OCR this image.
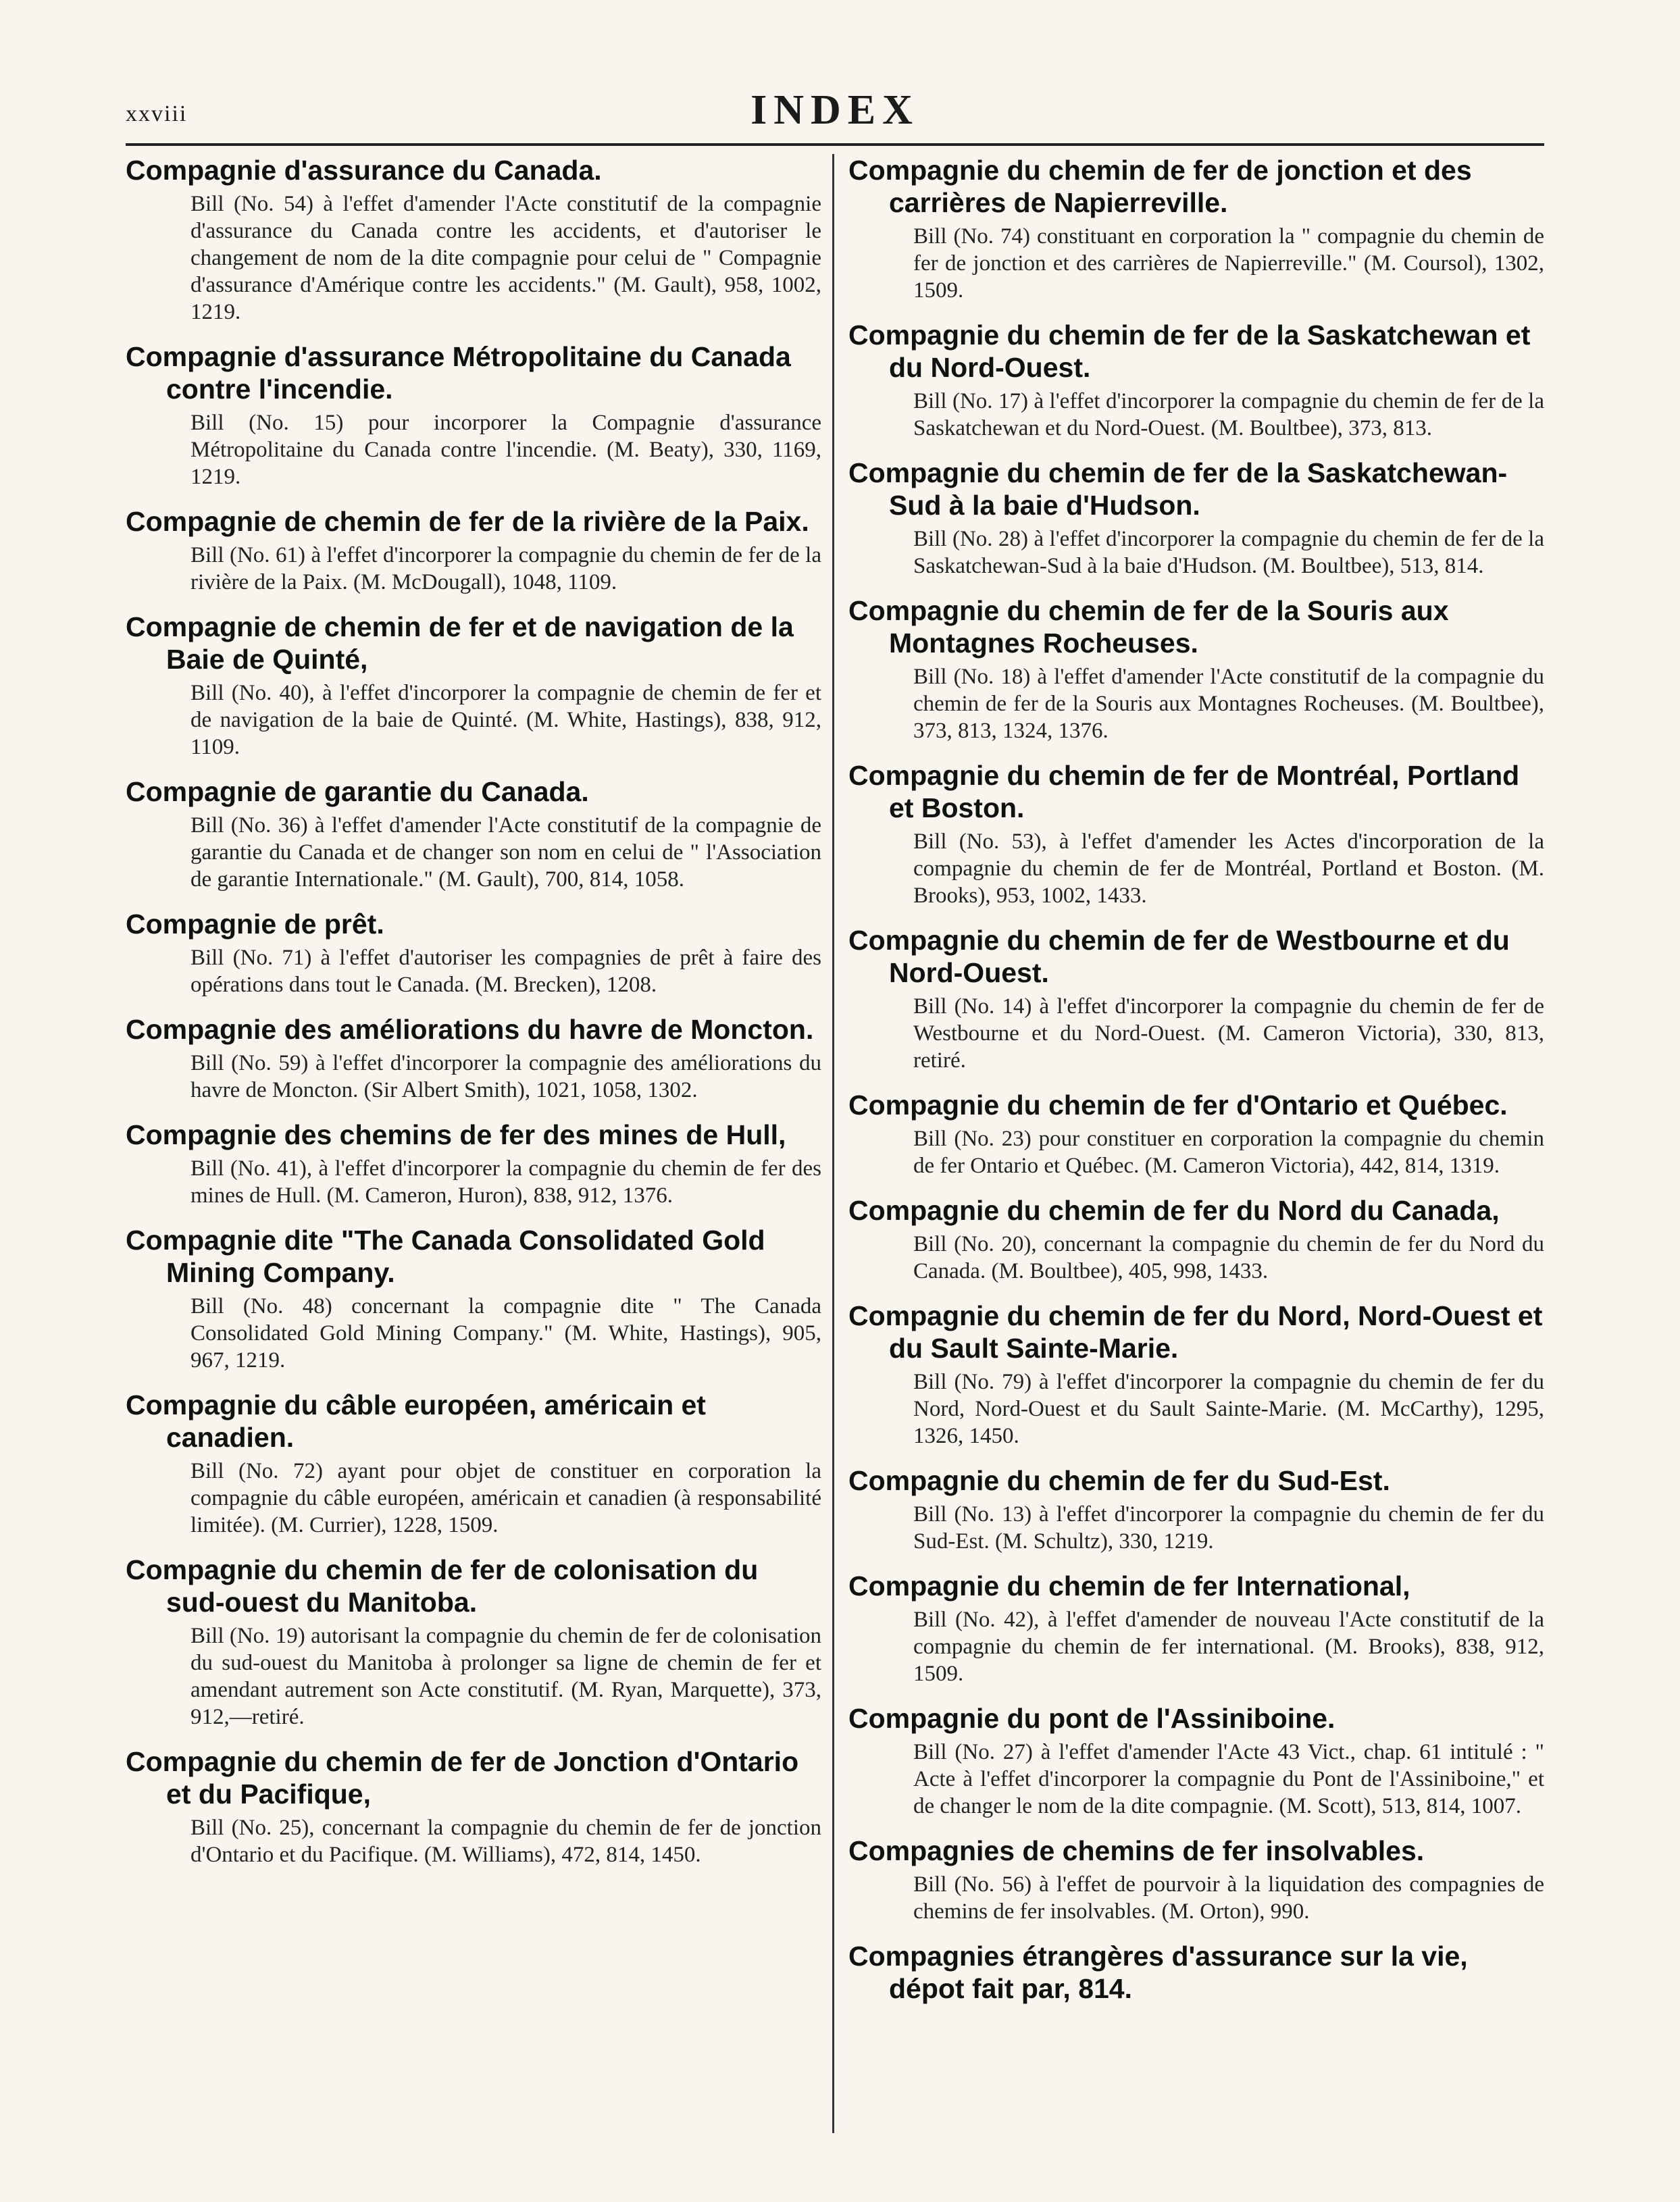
xxviii	INDEX
Compagnie d'assurance du Canada.
Bill (No. 54) à l'effet d'amender l'Acte constitutif de la compagnie d'assurance du Canada contre les accidents, et d'autoriser le changement de nom de la dite compagnie pour celui de " Compagnie d'assurance d'Amérique contre les accidents." (M. Gault), 958, 1002, 1219.
Compagnie d'assurance Métropolitaine du Canada contre l'incendie.
Bill (No. 15) pour incorporer la Compagnie d'assurance Métropolitaine du Canada contre l'incendie. (M. Beaty), 330, 1169, 1219.
Compagnie de chemin de fer de la rivière de la Paix.
Bill (No. 61) à l'effet d'incorporer la compagnie du chemin de fer de la rivière de la Paix. (M. McDougall), 1048, 1109.
Compagnie de chemin de fer et de navigation de la Baie de Quinté,
Bill (No. 40), à l'effet d'incorporer la compagnie de chemin de fer et de navigation de la baie de Quinté. (M. White, Hastings), 838, 912, 1109.
Compagnie de garantie du Canada.
Bill (No. 36) à l'effet d'amender l'Acte constitutif de la compagnie de garantie du Canada et de changer son nom en celui de " l'Association de garantie Internationale." (M. Gault), 700, 814, 1058.
Compagnie de prêt.
Bill (No. 71) à l'effet d'autoriser les compagnies de prêt à faire des opérations dans tout le Canada. (M. Brecken), 1208.
Compagnie des améliorations du havre de Moncton.
Bill (No. 59) à l'effet d'incorporer la compagnie des améliorations du havre de Moncton. (Sir Albert Smith), 1021, 1058, 1302.
Compagnie des chemins de fer des mines de Hull,
Bill (No. 41), à l'effet d'incorporer la compagnie du chemin de fer des mines de Hull. (M. Cameron, Huron), 838, 912, 1376.
Compagnie dite "The Canada Consolidated Gold Mining Company.
Bill (No. 48) concernant la compagnie dite " The Canada Consolidated Gold Mining Company." (M. White, Hastings), 905, 967, 1219.
Compagnie du câble européen, américain et canadien.
Bill (No. 72) ayant pour objet de constituer en corporation la compagnie du câble européen, américain et canadien (à responsabilité limitée). (M. Currier), 1228, 1509.
Compagnie du chemin de fer de colonisation du sud-ouest du Manitoba.
Bill (No. 19) autorisant la compagnie du chemin de fer de colonisation du sud-ouest du Manitoba à prolonger sa ligne de chemin de fer et amendant autrement son Acte constitutif. (M. Ryan, Marquette), 373, 912,—retiré.
Compagnie du chemin de fer de Jonction d'Ontario et du Pacifique,
Bill (No. 25), concernant la compagnie du chemin de fer de jonction d'Ontario et du Pacifique. (M. Williams), 472, 814, 1450.
Compagnie du chemin de fer de jonction et des carrières de Napierreville.
Bill (No. 74) constituant en corporation la " compagnie du chemin de fer de jonction et des carrières de Napierreville." (M. Coursol), 1302, 1509.
Compagnie du chemin de fer de la Saskatchewan et du Nord-Ouest.
Bill (No. 17) à l'effet d'incorporer la compagnie du chemin de fer de la Saskatchewan et du Nord-Ouest. (M. Boultbee), 373, 813.
Compagnie du chemin de fer de la Saskatchewan-Sud à la baie d'Hudson.
Bill (No. 28) à l'effet d'incorporer la compagnie du chemin de fer de la Saskatchewan-Sud à la baie d'Hudson. (M. Boultbee), 513, 814.
Compagnie du chemin de fer de la Souris aux Montagnes Rocheuses.
Bill (No. 18) à l'effet d'amender l'Acte constitutif de la compagnie du chemin de fer de la Souris aux Montagnes Rocheuses. (M. Boultbee), 373, 813, 1324, 1376.
Compagnie du chemin de fer de Montréal, Portland et Boston.
Bill (No. 53), à l'effet d'amender les Actes d'incorporation de la compagnie du chemin de fer de Montréal, Portland et Boston. (M. Brooks), 953, 1002, 1433.
Compagnie du chemin de fer de Westbourne et du Nord-Ouest.
Bill (No. 14) à l'effet d'incorporer la compagnie du chemin de fer de Westbourne et du Nord-Ouest. (M. Cameron Victoria), 330, 813, retiré.
Compagnie du chemin de fer d'Ontario et Québec.
Bill (No. 23) pour constituer en corporation la compagnie du chemin de fer Ontario et Québec. (M. Cameron Victoria), 442, 814, 1319.
Compagnie du chemin de fer du Nord du Canada,
Bill (No. 20), concernant la compagnie du chemin de fer du Nord du Canada. (M. Boultbee), 405, 998, 1433.
Compagnie du chemin de fer du Nord, Nord-Ouest et du Sault Sainte-Marie.
Bill (No. 79) à l'effet d'incorporer la compagnie du chemin de fer du Nord, Nord-Ouest et du Sault Sainte-Marie. (M. McCarthy), 1295, 1326, 1450.
Compagnie du chemin de fer du Sud-Est.
Bill (No. 13) à l'effet d'incorporer la compagnie du chemin de fer du Sud-Est. (M. Schultz), 330, 1219.
Compagnie du chemin de fer International,
Bill (No. 42), à l'effet d'amender de nouveau l'Acte constitutif de la compagnie du chemin de fer international. (M. Brooks), 838, 912, 1509.
Compagnie du pont de l'Assiniboine.
Bill (No. 27) à l'effet d'amender l'Acte 43 Vict., chap. 61 intitulé : " Acte à l'effet d'incorporer la compagnie du Pont de l'Assiniboine," et de changer le nom de la dite compagnie. (M. Scott), 513, 814, 1007.
Compagnies de chemins de fer insolvables.
Bill (No. 56) à l'effet de pourvoir à la liquidation des compagnies de chemins de fer insolvables. (M. Orton), 990.
Compagnies étrangères d'assurance sur la vie, dépot fait par, 814.
